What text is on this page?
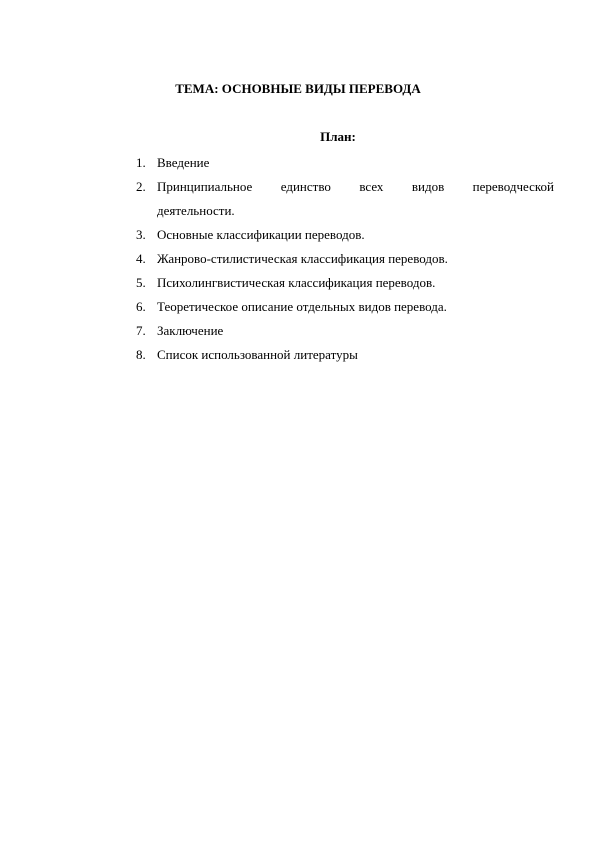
ТЕМА: ОСНОВНЫЕ ВИДЫ ПЕРЕВОДА
План:
1. Введение
2. Принципиальное единство всех видов переводческой
деятельности.
3. Основные классификации переводов.
4. Жанрово-стилистическая классификация переводов.
5. Психолингвистическая классификация переводов.
6. Теоретическое описание отдельных видов перевода.
7. Заключение
8. Список использованной литературы
